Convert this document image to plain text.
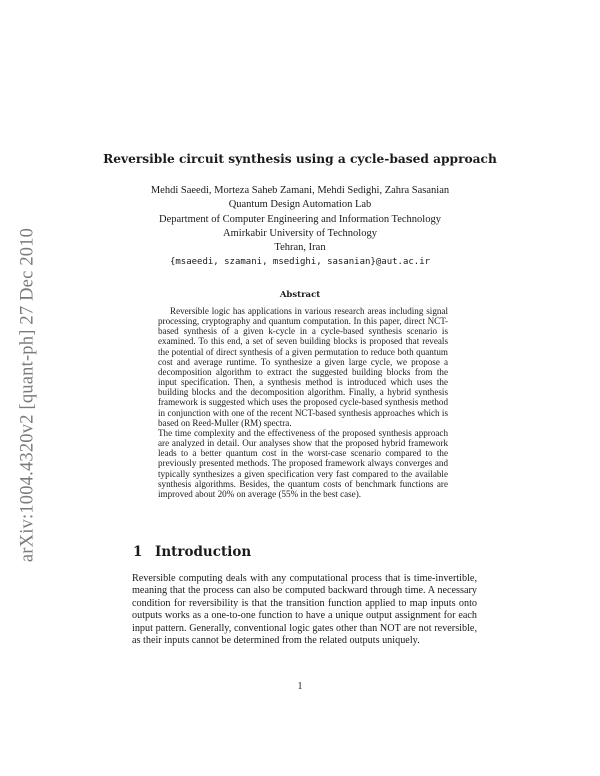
arXiv:1004.4320v2 [quant-ph] 27 Dec 2010
Reversible circuit synthesis using a cycle-based approach
Mehdi Saeedi, Morteza Saheb Zamani, Mehdi Sedighi, Zahra Sasanian
Quantum Design Automation Lab
Department of Computer Engineering and Information Technology
Amirkabir University of Technology
Tehran, Iran
{msaeedi, szamani, msedighi, sasanian}@aut.ac.ir
Abstract

Reversible logic has applications in various research areas including signal processing, cryptography and quantum computation. In this paper, direct NCT-based synthesis of a given k-cycle in a cycle-based synthesis scenario is examined. To this end, a set of seven building blocks is proposed that reveals the potential of direct synthesis of a given permutation to reduce both quantum cost and average runtime. To synthesize a given large cycle, we propose a decomposition algorithm to extract the suggested building blocks from the input specification. Then, a synthesis method is introduced which uses the building blocks and the decomposition algorithm. Finally, a hybrid synthesis framework is suggested which uses the proposed cycle-based synthesis method in conjunction with one of the recent NCT-based synthesis approaches which is based on Reed-Muller (RM) spectra.

The time complexity and the effectiveness of the proposed synthesis approach are analyzed in detail. Our analyses show that the proposed hybrid framework leads to a better quantum cost in the worst-case scenario compared to the previously presented methods. The proposed framework always converges and typically synthesizes a given specification very fast compared to the available synthesis algorithms. Besides, the quantum costs of benchmark functions are improved about 20% on average (55% in the best case).

1 Introduction

Reversible computing deals with any computational process that is time-invertible, meaning that the process can also be computed backward through time. A necessary condition for reversibility is that the transition function applied to map inputs onto outputs works as a one-to-one function to have a unique output assignment for each input pattern. Generally, conventional logic gates other than NOT are not reversible, as their inputs cannot be determined from the related outputs uniquely.

1
